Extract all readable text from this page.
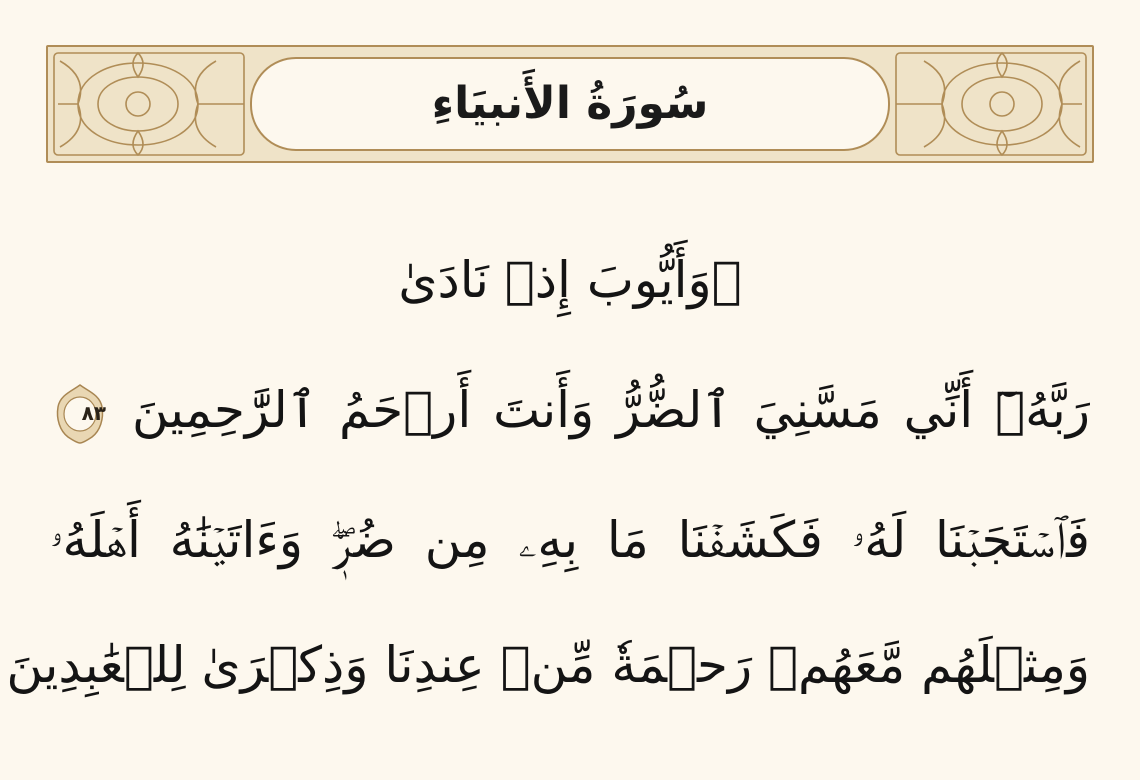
سُورَةُ الأَنبيَاءِ
۞وَأَيُّوبَ إِذۡ نَادَىٰ
رَبَّهُۥٓ أَنِّي مَسَّنِيَ ٱلضُّرُّ وَأَنتَ أَرۡحَمُ ٱلرَّٰحِمِينَ
٨٣
فَٱسۡتَجَبۡنَا لَهُۥ فَكَشَفۡنَا مَا بِهِۦ مِن ضُرّٖۖ وَءَاتَيۡنَٰهُ أَهۡلَهُۥ
وَمِثۡلَهُم مَّعَهُمۡ رَحۡمَةٗ مِّنۡ عِندِنَا وَذِكۡرَىٰ لِلۡعَٰبِدِينَ
